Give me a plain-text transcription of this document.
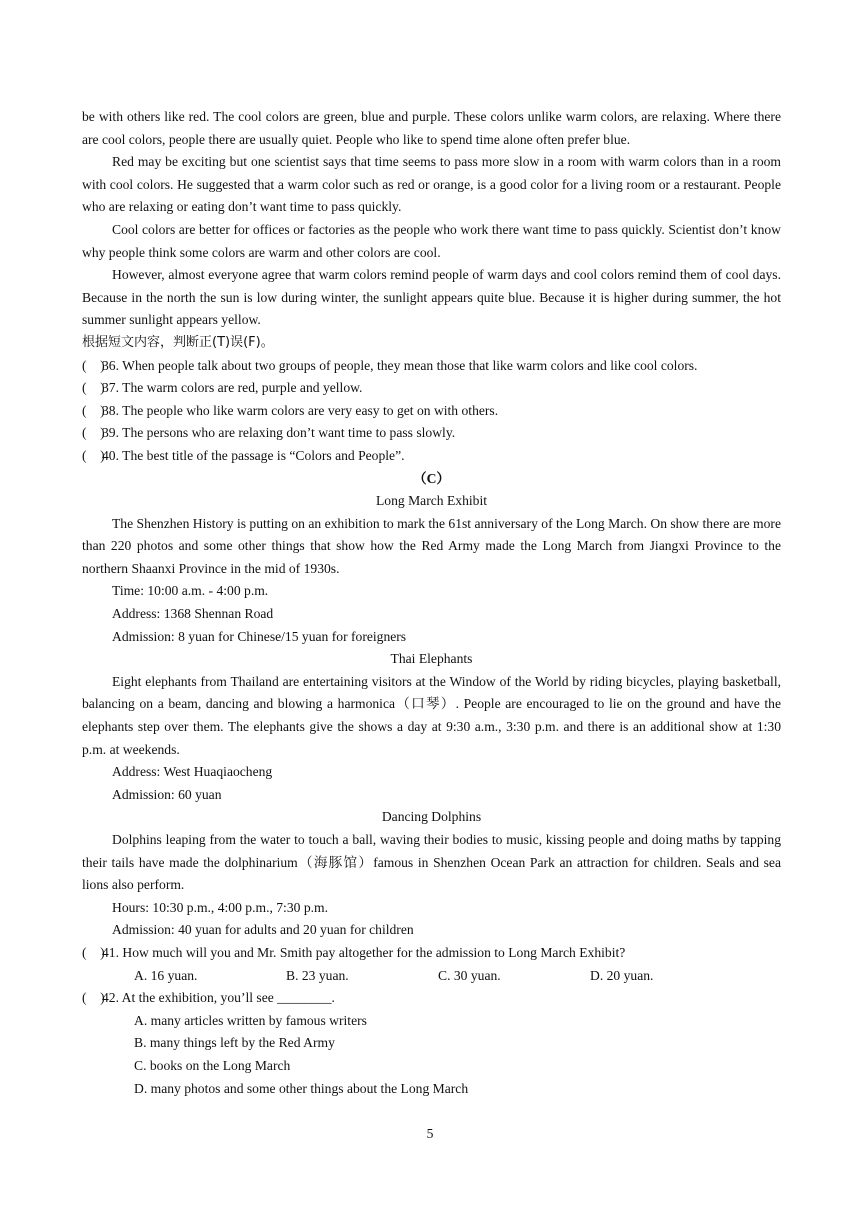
be with others like red. The cool colors are green, blue and purple. These colors unlike warm colors, are relaxing. Where there are cool colors, people there are usually quiet. People who like to spend time alone often prefer blue.

Red may be exciting but one scientist says that time seems to pass more slow in a room with warm colors than in a room with cool colors. He suggested that a warm color such as red or orange, is a good color for a living room or a restaurant. People who are relaxing or eating don’t want time to pass quickly.

Cool colors are better for offices or factories as the people who work there want time to pass quickly. Scientist don’t know why people think some colors are warm and other colors are cool.

However, almost everyone agree that warm colors remind people of warm days and cool colors remind them of cool days. Because in the north the sun is low during winter, the sunlight appears quite blue. Because it is higher during summer, the hot summer sunlight appears yellow.

根据短文内容，判断正(T)误(F)。

(    )
36. When people talk about two groups of people, they mean those that like warm colors and like cool colors.
(    )
37. The warm colors are red, purple and yellow.
(    )
38. The people who like warm colors are very easy to get on with others.
(    )
39. The persons who are relaxing don’t want time to pass slowly.
(    )
40. The best title of the passage is “Colors and People”.

（C）

Long March Exhibit

The Shenzhen History is putting on an exhibition to mark the 61st anniversary of the Long March. On show there are more than 220 photos and some other things that show how the Red Army made the Long March from Jiangxi Province to the northern Shaanxi Province in the mid of 1930s.

Time: 10:00 a.m. - 4:00 p.m.

Address: 1368 Shennan Road

Admission: 8 yuan for Chinese/15 yuan for foreigners

Thai Elephants

Eight elephants from Thailand are entertaining visitors at the Window of the World by riding bicycles, playing basketball, balancing on a beam, dancing and blowing a harmonica（口琴）. People are encouraged to lie on the ground and have the elephants step over them. The elephants give the shows a day at 9:30 a.m., 3:30 p.m. and there is an additional show at 1:30 p.m. at weekends.

Address: West Huaqiaocheng

Admission: 60 yuan

Dancing Dolphins

Dolphins leaping from the water to touch a ball, waving their bodies to music, kissing people and doing maths by tapping their tails have made the dolphinarium（海豚馆）famous in Shenzhen Ocean Park an attraction for children. Seals and sea lions also perform.

Hours: 10:30 p.m., 4:00 p.m., 7:30 p.m.

Admission: 40 yuan for adults and 20 yuan for children

(    )
41. How much will you and Mr. Smith pay altogether for the admission to Long March Exhibit?
A. 16 yuan.	B. 23 yuan.	C. 30 yuan.	D. 20 yuan.
(    )
42. At the exhibition, you’ll see ________.

A. many articles written by famous writers

B. many things left by the Red Army

C. books on the Long March

D. many photos and some other things about the Long March

5
